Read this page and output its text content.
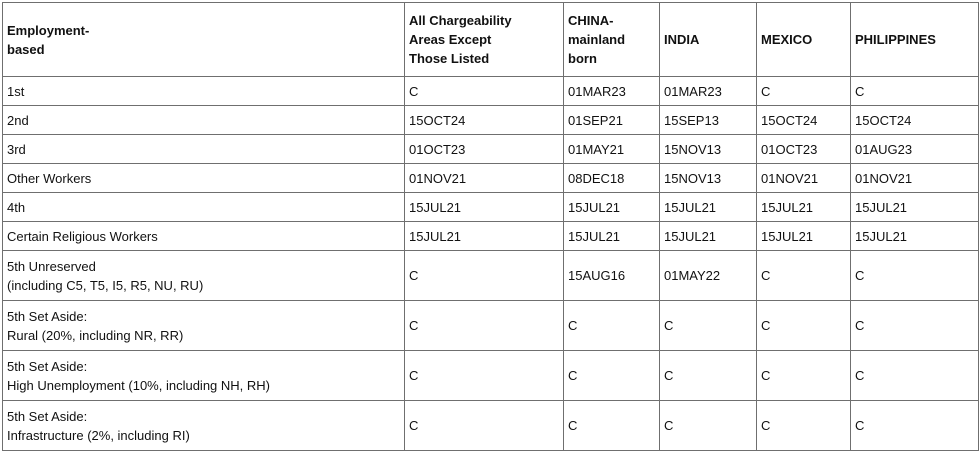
Employment-
based	All Chargeability
Areas Except
Those Listed	CHINA-
mainland
born	INDIA	MEXICO	PHILIPPINES

1st	C	01MAR23	01MAR23	C	C

2nd	15OCT24	01SEP21	15SEP13	15OCT24	15OCT24

3rd	01OCT23	01MAY21	15NOV13	01OCT23	01AUG23

Other Workers	01NOV21	08DEC18	15NOV13	01NOV21	01NOV21

4th	15JUL21	15JUL21	15JUL21	15JUL21	15JUL21

Certain Religious Workers	15JUL21	15JUL21	15JUL21	15JUL21	15JUL21

5th Unreserved
(including C5, T5, I5, R5, NU, RU)	C	15AUG16	01MAY22	C	C

5th Set Aside:
Rural (20%, including NR, RR)	C	C	C	C	C

5th Set Aside:
High Unemployment (10%, including NH, RH)	C	C	C	C	C

5th Set Aside:
Infrastructure (2%, including RI)	C	C	C	C	C
